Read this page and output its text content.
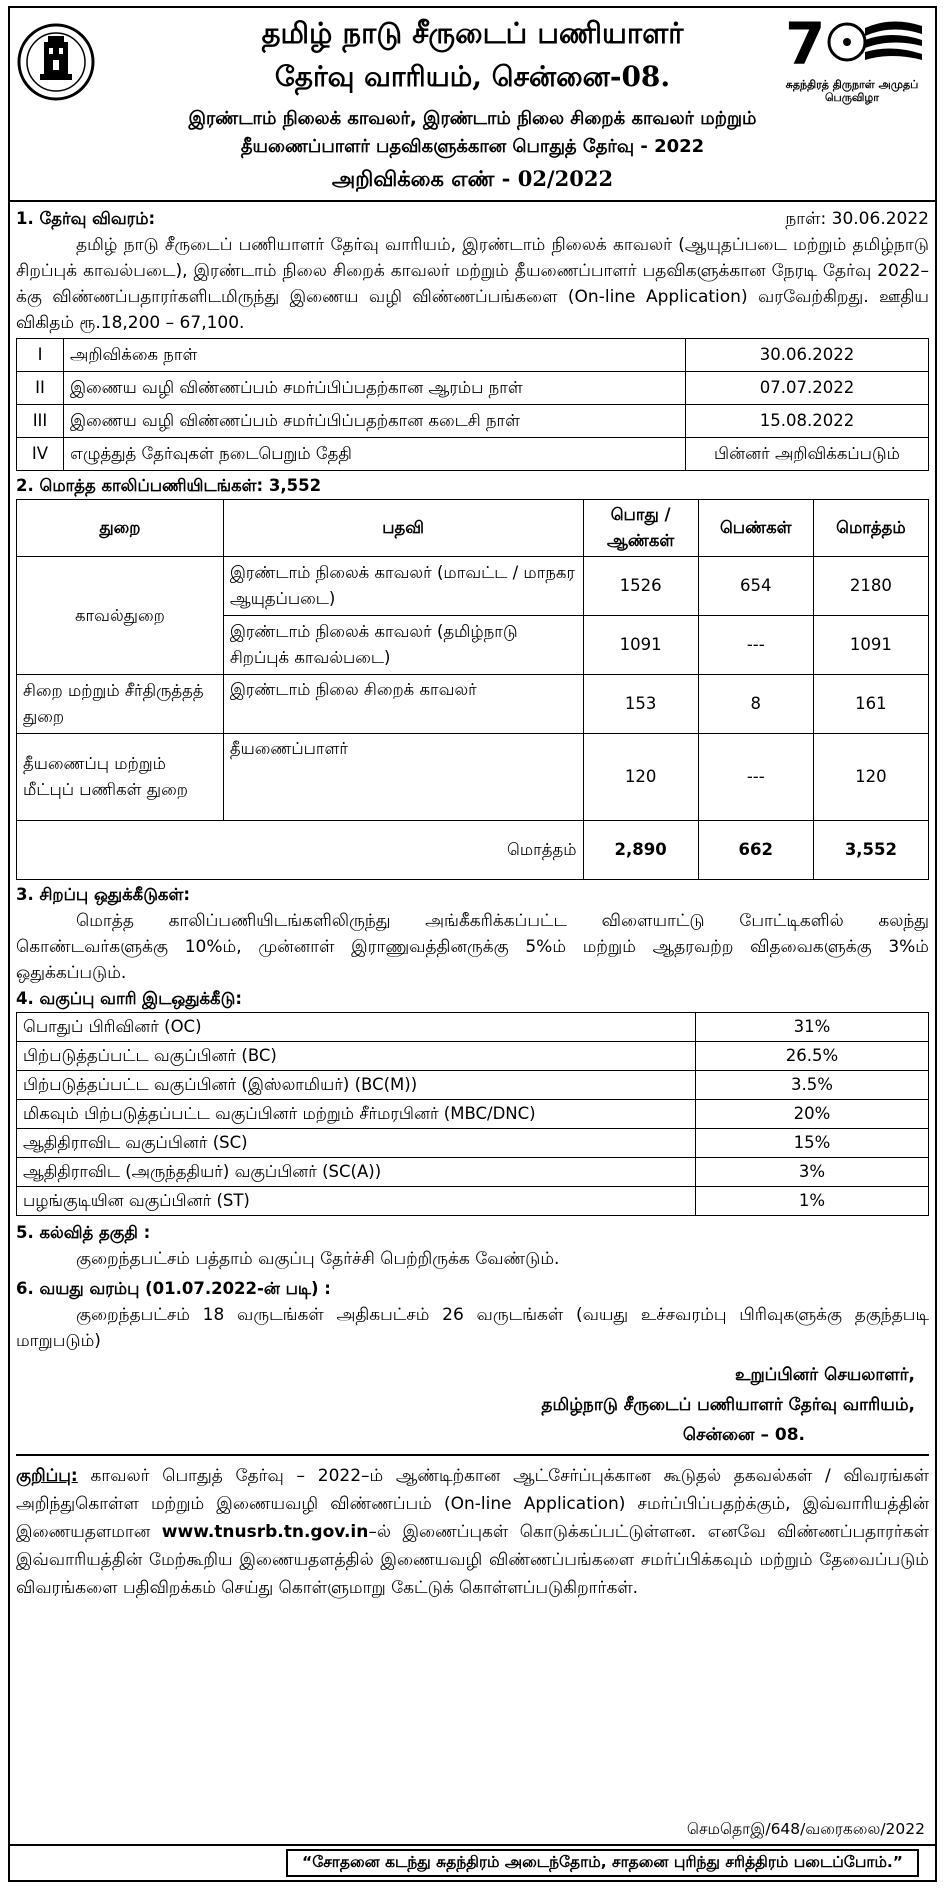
தமிழ் நாடு சீருடைப் பணியாளர்
தேர்வு வாரியம், சென்னை-08.	7
சுதந்திரத் திருநாள் அமுதப் பெருவிழா
இரண்டாம் நிலைக் காவலர், இரண்டாம் நிலை சிறைக் காவலர் மற்றும்
தீயணைப்பாளர் பதவிகளுக்கான பொதுத் தேர்வு - 2022
அறிவிக்கை எண் - 02/2022
1. தேர்வு விவரம்:	நாள்: 30.06.2022

தமிழ் நாடு சீருடைப் பணியாளர் தேர்வு வாரியம், இரண்டாம் நிலைக் காவலர் (ஆயுதப்படை மற்றும் தமிழ்நாடு சிறப்புக் காவல்படை), இரண்டாம் நிலை சிறைக் காவலர் மற்றும் தீயணைப்பாளர் பதவிகளுக்கான நேரடி தேர்வு 2022–க்கு விண்ணப்பதாரர்களிடமிருந்து இணைய வழி விண்ணப்பங்களை (On-line Application) வரவேற்கிறது. ஊதிய விகிதம் ரூ.18,200 – 67,100.

I	அறிவிக்கை நாள்	30.06.2022
II	இணைய வழி விண்ணப்பம் சமர்ப்பிப்பதற்கான ஆரம்ப நாள்	07.07.2022
III	இணைய வழி விண்ணப்பம் சமர்ப்பிப்பதற்கான கடைசி நாள்	15.08.2022
IV	எழுத்துத் தேர்வுகள் நடைபெறும் தேதி	பின்னர் அறிவிக்கப்படும்
2. மொத்த காலிப்பணியிடங்கள்: 3,552
துறை	பதவி	பொது / ஆண்கள்	பெண்கள்	மொத்தம்
காவல்துறை	இரண்டாம் நிலைக் காவலர் (மாவட்ட / மாநகர ஆயுதப்படை)	1526	654	2180
	இரண்டாம் நிலைக் காவலர் (தமிழ்நாடு சிறப்புக் காவல்படை)	1091	---	1091
சிறை மற்றும் சீர்திருத்தத் துறை	இரண்டாம் நிலை சிறைக் காவலர்	153	8	161
தீயணைப்பு மற்றும் மீட்புப் பணிகள் துறை	தீயணைப்பாளர்	120	---	120
மொத்தம்		2,890	662	3,552
3. சிறப்பு ஒதுக்கீடுகள்:

மொத்த காலிப்பணியிடங்களிலிருந்து அங்கீகரிக்கப்பட்ட விளையாட்டு போட்டிகளில் கலந்து கொண்டவர்களுக்கு 10%ம், முன்னாள் இராணுவத்தினருக்கு 5%ம் மற்றும் ஆதரவற்ற விதவைகளுக்கு 3%ம் ஒதுக்கப்படும்.

4. வகுப்பு வாரி இடஒதுக்கீடு:
பொதுப் பிரிவினர் (OC)	31%
பிற்படுத்தப்பட்ட வகுப்பினர் (BC)	26.5%
பிற்படுத்தப்பட்ட வகுப்பினர் (இஸ்லாமியர்) (BC(M))	3.5%
மிகவும் பிற்படுத்தப்பட்ட வகுப்பினர் மற்றும் சீர்மரபினர் (MBC/DNC)	20%
ஆதிதிராவிட வகுப்பினர் (SC)	15%
ஆதிதிராவிட (அருந்ததியர்) வகுப்பினர் (SC(A))	3%
பழங்குடியின வகுப்பினர் (ST)	1%
5. கல்வித் தகுதி :

குறைந்தபட்சம் பத்தாம் வகுப்பு தேர்ச்சி பெற்றிருக்க வேண்டும்.

6. வயது வரம்பு (01.07.2022-ன் படி) :

குறைந்தபட்சம் 18 வருடங்கள் அதிகபட்சம் 26 வருடங்கள் (வயது உச்சவரம்பு பிரிவுகளுக்கு தகுந்தபடி மாறுபடும்)

உறுப்பினர் செயலாளர்,
தமிழ்நாடு சீருடைப் பணியாளர் தேர்வு வாரியம்,
சென்னை – 08.
குறிப்பு: காவலர் பொதுத் தேர்வு – 2022–ம் ஆண்டிற்கான ஆட்சேர்ப்புக்கான கூடுதல் தகவல்கள் / விவரங்கள் அறிந்துகொள்ள மற்றும் இணையவழி விண்ணப்பம் (On-line Application) சமர்ப்பிப்பதற்க்கும், இவ்வாரியத்தின் இணையதளமான www.tnusrb.tn.gov.in–ல் இணைப்புகள் கொடுக்கப்பட்டுள்ளன. எனவே விண்ணப்பதாரர்கள் இவ்வாரியத்தின் மேற்கூறிய இணையதளத்தில் இணையவழி விண்ணப்பங்களை சமர்ப்பிக்கவும் மற்றும் தேவைப்படும் விவரங்களை பதிவிறக்கம் செய்து கொள்ளுமாறு கேட்டுக் கொள்ளப்படுகிறார்கள்.
செமதொஇ/648/வரைகலை/2022
“சோதனை கடந்து சுதந்திரம் அடைந்தோம், சாதனை புரிந்து சரித்திரம் படைப்போம்.”
